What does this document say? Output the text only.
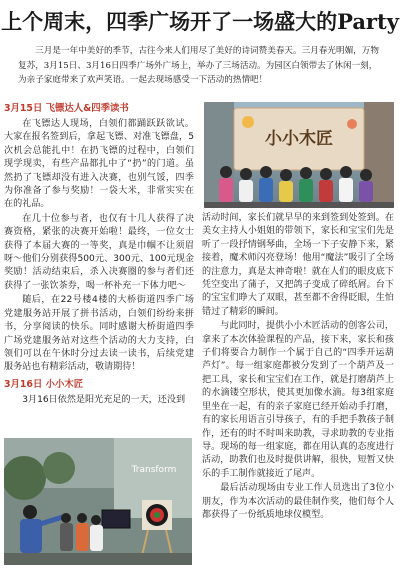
上个周末，四季广场开了一场盛大的Party

三月是一年中美好的季节，古往今来人们用尽了美好的诗词赞美春天。三月春光明媚，万物复苏，3月15日、3月16日四季广场外广场上，举办了三场活动。为园区白领带去了休闲一刻，为亲子家庭带来了欢声笑语。一起去现场感受一下活动的热情吧！

3月15日 飞镖达人&四季读书

在飞镖达人现场，白领们都踊跃跃欲试。大家在报名签到后，拿起飞镖、对准飞镖盘，5次机会总能扎中！在扔飞镖的过程中，白领们现学现卖，有些产品都扎中了“扔”的门道。虽然扔了飞镖却没有进入决赛，也别气馁，四季为你准备了参与奖励！一袋大米，非常实实在在的礼品。

在几十位参与者，也仅有十几人获得了决赛资格，紧张的决赛开始啦！最终，一位女士获得了本届大赛的一等奖，真是巾帼不让须眉呀～他们分别获得500元、300元、100元现金奖励！活动结束后，杀入决赛圈的参与者们还获得了一张饮茶券，喝一杯补充一下体力吧～

随后，在22号楼4楼的大桥街道四季广场党建服务站开展了拼书活动，白领们纷纷来拼书，分享阅读的快乐。同时感谢大桥街道四季广场党建服务站对这些个活动的大力支持，白领们可以在午休时分过去读一读书，后续党建服务站也有精彩活动，敬请期待！

3月16日 小小木匠

3月16日依然是阳光充足的一天，还没到

小小木匠

活动时间，家长们就早早的来到签到处签到。在美女主持人小姐姐的带领下，家长和宝宝们先是听了一段抒情钢琴曲，全场一下子安静下来，紧接着，魔术师闪亮登场！他用“魔法”吸引了全场的注意力，真是太神奇啦！就在人们的眼皮底下凭空变出了蒲子，又把鸽子变成了碎纸屑。台下的宝宝们睁大了双眼，甚至都不舍得眨眼，生怕错过了精彩的瞬间。

与此同时，提供小小木匠活动的创客公司，拿来了本次体验课程的产品，接下来，家长和孩子们将要合力制作一个属于自己的“四季开运葫芦灯”。每一组家庭都被分发到了一个葫芦及一把工具，家长和宝宝们在工作，就是打磨葫芦上的水滴镂空形状，使其更加像水滴。每3组家庭里坐在一起，有的亲子家庭已经开始动手打磨，有的家长用语言引导孩子，有的手把手教孩子制作，还有的时不时叫来助教，寻求助教的专业指导。现场的每一组家庭，都在用认真的态度进行活动，助教们也及时提供讲解，很快，短暂又快乐的手工制作就接近了尾声。

最后活动现场由专业工作人员选出了3位小朋友，作为本次活动的最佳制作奖，他们每个人都获得了一份纸质地球仪模型。

Transform
